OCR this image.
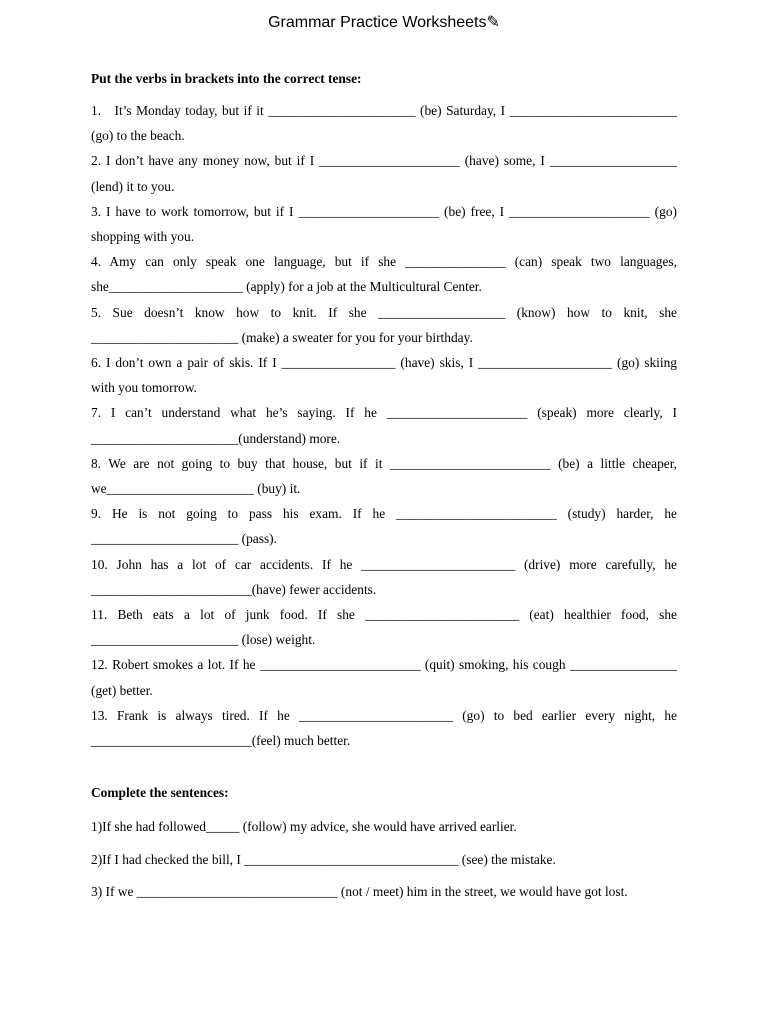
Grammar Practice Worksheets✎

Put the verbs in brackets into the correct tense:

1.   It’s Monday today, but if it ______________________ (be) Saturday, I _________________________ (go) to the beach.

2. I don’t have any money now, but if I _____________________ (have) some, I ___________________ (lend) it to you.

3. I have to work tomorrow, but if I _____________________ (be) free, I _____________________ (go) shopping with you.

4. Amy can only speak one language, but if she _______________ (can) speak two languages, she____________________ (apply) for a job at the Multicultural Center.

5. Sue doesn’t know how to knit. If she ___________________ (know) how to knit, she ______________________ (make) a sweater for you for your birthday.

6. I don’t own a pair of skis. If I _________________ (have) skis, I ____________________ (go) skiing with you tomorrow.

7. I can’t understand what he’s saying. If he _____________________ (speak) more clearly, I ______________________(understand) more.

8. We are not going to buy that house, but if it ________________________ (be) a little cheaper, we______________________ (buy) it.

9. He is not going to pass his exam. If he ________________________ (study) harder, he ______________________ (pass).

10. John has a lot of car accidents. If he _______________________ (drive) more carefully, he ________________________(have) fewer accidents.

11. Beth eats a lot of junk food. If she _______________________ (eat) healthier food, she ______________________ (lose) weight.

12. Robert smokes a lot. If he ________________________ (quit) smoking, his cough ________________ (get) better.

13. Frank is always tired. If he _______________________ (go) to bed earlier every night, he ________________________(feel) much better.

Complete the sentences:

1)If she had followed_____ (follow) my advice, she would have arrived earlier.

2)If I had checked the bill, I ________________________________ (see) the mistake.

3) If we ______________________________ (not / meet) him in the street, we would have got lost.
